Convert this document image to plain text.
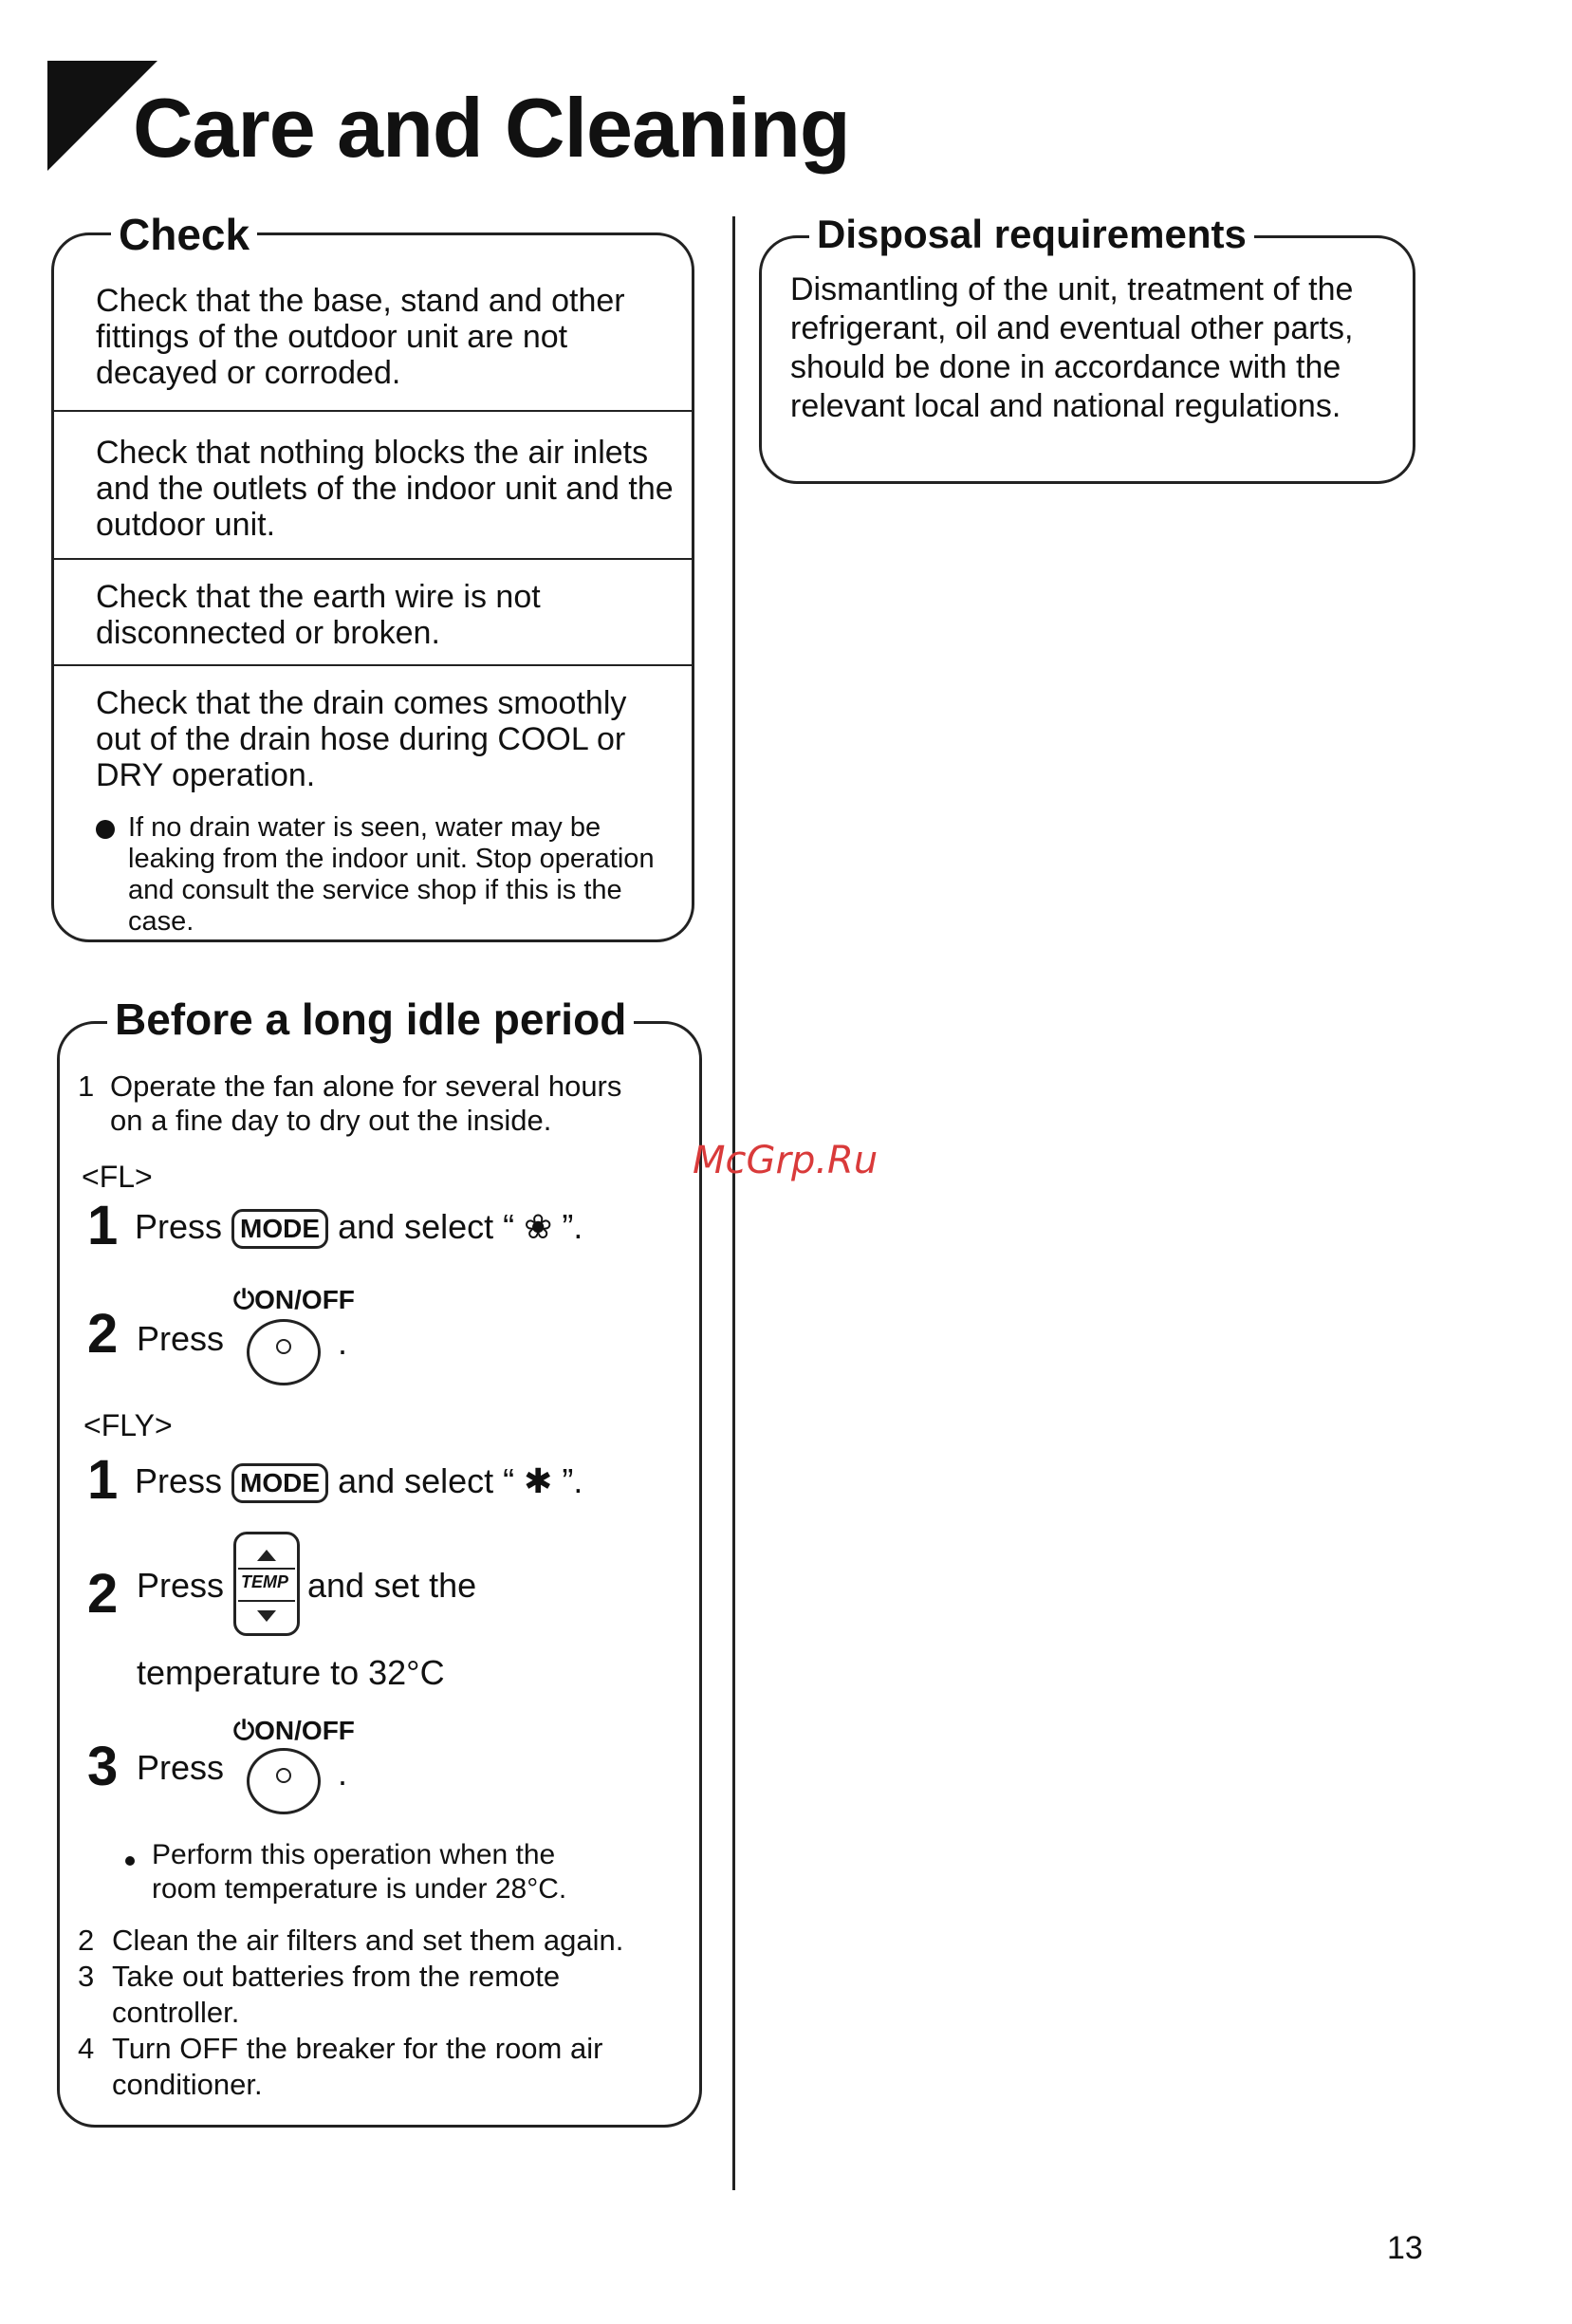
Care and Cleaning
Check
Check that the base, stand and other fittings of the outdoor unit are not decayed or corroded.
Check that nothing blocks the air inlets and the outlets of the indoor unit and the outdoor unit.
Check that the earth wire is not disconnected or broken.
Check that the drain comes smoothly out of the drain hose during COOL or DRY operation.
If no drain water is seen, water may be leaking from the indoor unit. Stop operation and consult the service shop if this is the case.
Disposal requirements
Dismantling of the unit, treatment of the refrigerant, oil and eventual other parts, should be done in accordance with the relevant local and national regulations.
Before a long idle period
1 Operate the fan alone for several hours
on a fine day to dry out the inside.
<FL>
1 Press MODE and select “ ❀ ”.
2 Press
⏻ON/OFF
.
<FLY>
1 Press MODE and select “ ✱ ”.
2 Press TEMP and set the
temperature to 32°C
3 Press
⏻ON/OFF
.
Perform this operation when the
room temperature is under 28°C.
2 Clean the air filters and set them again.
3 Take out batteries from the remote
controller.
4 Turn OFF the breaker for the room air
conditioner.
McGrp.Ru
13
